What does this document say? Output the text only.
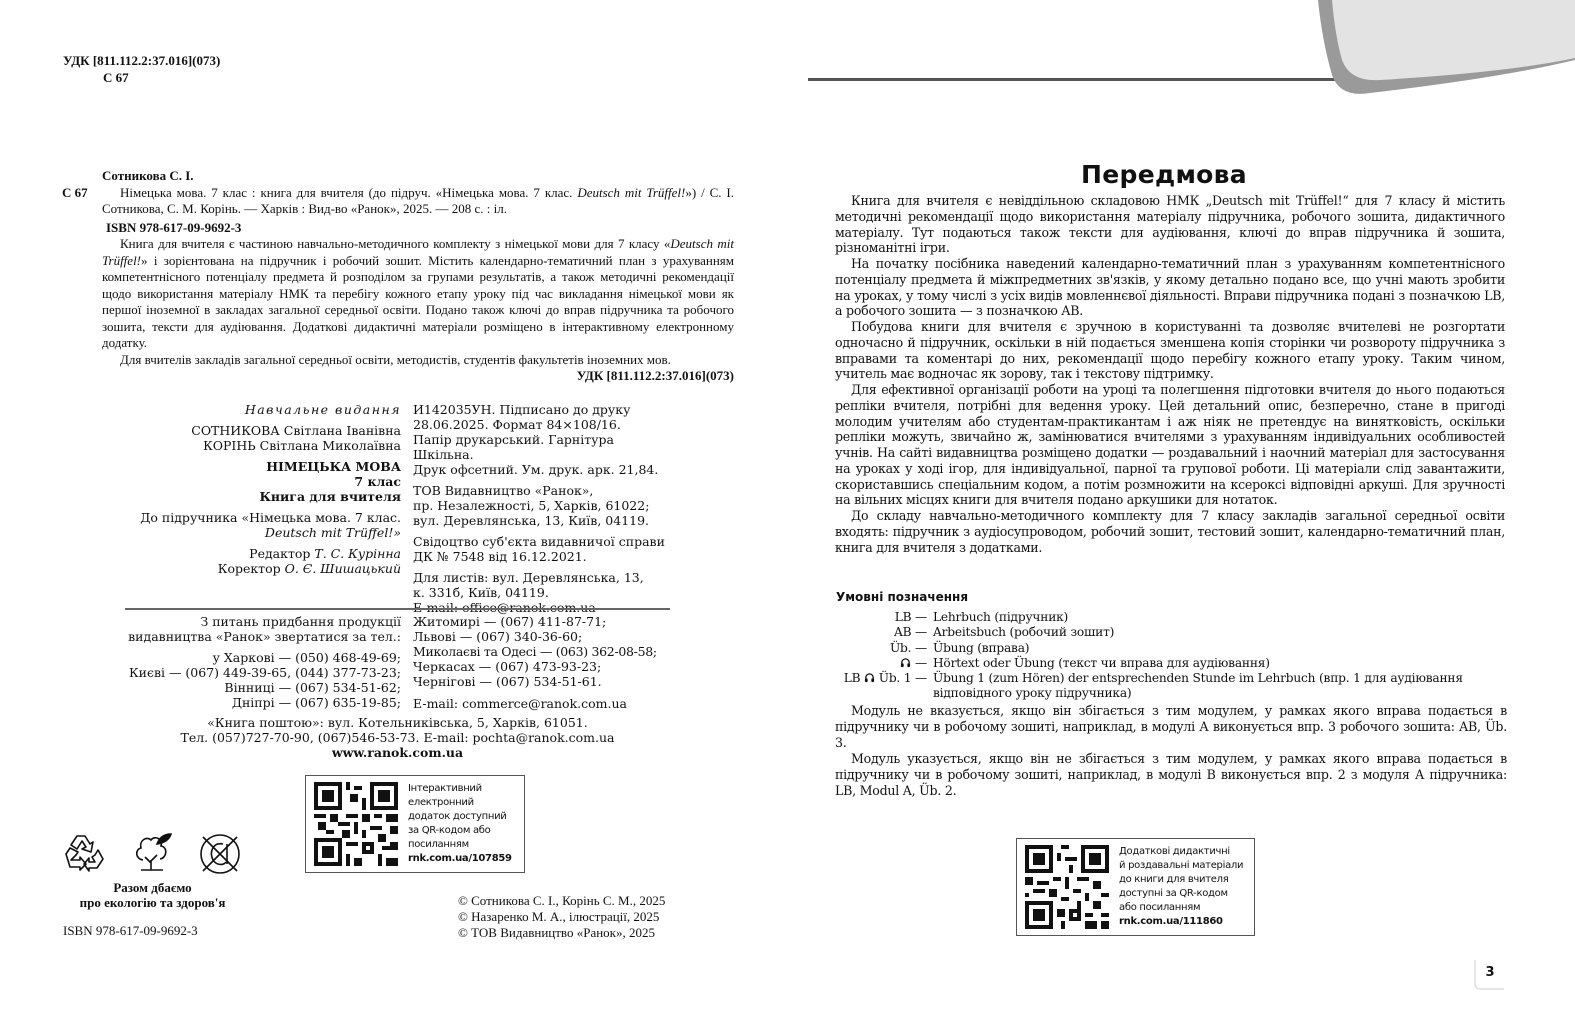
УДК [811.112.2:37.016](073)
С 67
Сотникова С. І.
С 67	Німецька мова. 7 клас : книга для вчителя (до підруч. «Німецька мова. 7 клас. Deutsch mit Trüffel!») / С. І. Сотникова, С. М. Корінь. — Харків : Вид-во «Ранок», 2025. — 208 с. : іл.
ISBN 978-617-09-9692-3

Книга для вчителя є частиною навчально-методичного комплекту з німецької мови для 7 класу «Deutsch mit Trüffel!» і зорієнтована на підручник і робочий зошит. Містить календарно-тематичний план з урахуванням компетентнісного потенціалу предмета й розподілом за групами результатів, а також методичні рекомендації щодо використання матеріалу НМК та перебігу кожного етапу уроку під час викладання німецької мови як першої іноземної в закладах загальної середньої освіти. Подано також ключі до вправ підручника та робочого зошита, тексти для аудіювання. Додаткові дидактичні матеріали розміщено в інтерактивному електронному додатку.

Для вчителів закладів загальної середньої освіти, методистів, студентів факультетів іноземних мов.

УДК [811.112.2:37.016](073)
Навчальне видання
СОТНИКОВА Світлана Іванівна
КОРІНЬ Світлана Миколаївна
НІМЕЦЬКА МОВА
7 клас
Книга для вчителя
До підручника «Німецька мова. 7 клас.
Deutsch mit Trüffel!»
Редактор Т. С. Курінна
Коректор О. Є. Шишацький
И142035УН. Підписано до друку
28.06.2025. Формат 84×108/16.
Папір друкарський. Гарнітура Шкільна.
Друк офсетний. Ум. друк. арк. 21,84.
ТОВ Видавництво «Ранок»,
пр. Незалежності, 5, Харків, 61022;
вул. Деревлянська, 13, Київ, 04119.
Свідоцтво суб'єкта видавничої справи
ДК № 7548 від 16.12.2021.
Для листів: вул. Деревлянська, 13,
к. 331б, Київ, 04119.
З питань придбання продукції
видавництва «Ранок» звертатися за тел.:
у Харкові — (050) 468-49-69;
Києві — (067) 449-39-65, (044) 377-73-23;
Вінниці — (067) 534-51-62;
Дніпрі — (067) 635-19-85;
Житомирі — (067) 411-87-71;
Львові — (067) 340-36-60;
Миколаєві та Одесі — (063) 362-08-58;
Черкасах — (067) 473-93-23;
Чернігові — (067) 534-51-61.
E-mail: commerce@ranok.com.ua
«Книга поштою»: вул. Котельниківська, 5, Харків, 61051.
Тел. (057)727-70-90, (067)546-53-73. E-mail: pochta@ranok.com.ua
www.ranok.com.ua
Інтерактивний
електронний
додаток доступний
за QR-кодом або
посиланням
rnk.com.ua/107859
Разом дбаємо
про екологію та здоров'я
ISBN 978-617-09-9692-3
© Сотникова С. І., Корінь С. М., 2025
© Назаренко М. А., ілюстрації, 2025
© ТОВ Видавництво «Ранок», 2025
Передмова

Книга для вчителя є невіддільною складовою НМК „Deutsch mit Trüffel!“ для 7 класу й містить методичні рекомендації щодо використання матеріалу підручника, робочого зошита, дидактичного матеріалу. Тут подаються також тексти для аудіювання, ключі до вправ підручника й зошита, різноманітні ігри.

На початку посібника наведений календарно-тематичний план з урахуванням компетентнісного потенціалу предмета й міжпредметних зв'язків, у якому детально подано все, що учні мають зробити на уроках, у тому числі з усіх видів мовленнєвої діяльності. Вправи підручника подані з позначкою LB, а робочого зошита — з позначкою AB.

Побудова книги для вчителя є зручною в користуванні та дозволяє вчителеві не розгортати одночасно й підручник, оскільки в ній подається зменшена копія сторінки чи розвороту підручника з вправами та коментарі до них, рекомендації щодо перебігу кожного етапу уроку. Таким чином, учитель має водночас як зорову, так і текстову підтримку.

Для ефективної організації роботи на уроці та полегшення підготовки вчителя до нього подаються репліки вчителя, потрібні для ведення уроку. Цей детальний опис, безперечно, стане в пригоді молодим учителям або студентам-практикантам і аж ніяк не претендує на винятковість, оскільки репліки можуть, звичайно ж, замінюватися вчителями з урахуванням індивідуальних особливостей учнів. На сайті видавництва розміщено додатки — роздавальний і наочний матеріал для застосування на уроках у ході ігор, для індивідуальної, парної та групової роботи. Ці матеріали слід завантажити, скориставшись спеціальним кодом, а потім розмножити на ксероксі відповідні аркуші. Для зручності на вільних місцях книги для вчителя подано аркушики для нотаток.

До складу навчально-методичного комплекту для 7 класу закладів загальної середньої освіти входять: підручник з аудіосупроводом, робочий зошит, тестовий зошит, календарно-тематичний план, книга для вчителя з додатками.

Умовні позначення
LB — Lehrbuch (підручник)
AB — Arbeitsbuch (робочий зошит)
Üb. — Übung (вправа)
— Hörtext oder Übung (текст чи вправа для аудіювання)
LB  Üb. 1 — Übung 1 (zum Hören) der entsprechenden Stunde im Lehrbuch (впр. 1 для аудіювання відповідного уроку підручника)

Модуль не вказується, якщо він збігається з тим модулем, у рамках якого вправа подається в підручнику чи в робочому зошиті, наприклад, в модулі А виконується впр. 3 робочого зошита: AB, Üb. 3.

Модуль указується, якщо він не збігається з тим модулем, у рамках якого вправа подається в підручнику чи в робочому зошиті, наприклад, в модулі В виконується впр. 2 з модуля А підручника: LB, Modul A, Üb. 2.

Додаткові дидактичні
й роздавальні матеріали
до книги для вчителя
доступні за QR-кодом
або посиланням
rnk.com.ua/111860
3
